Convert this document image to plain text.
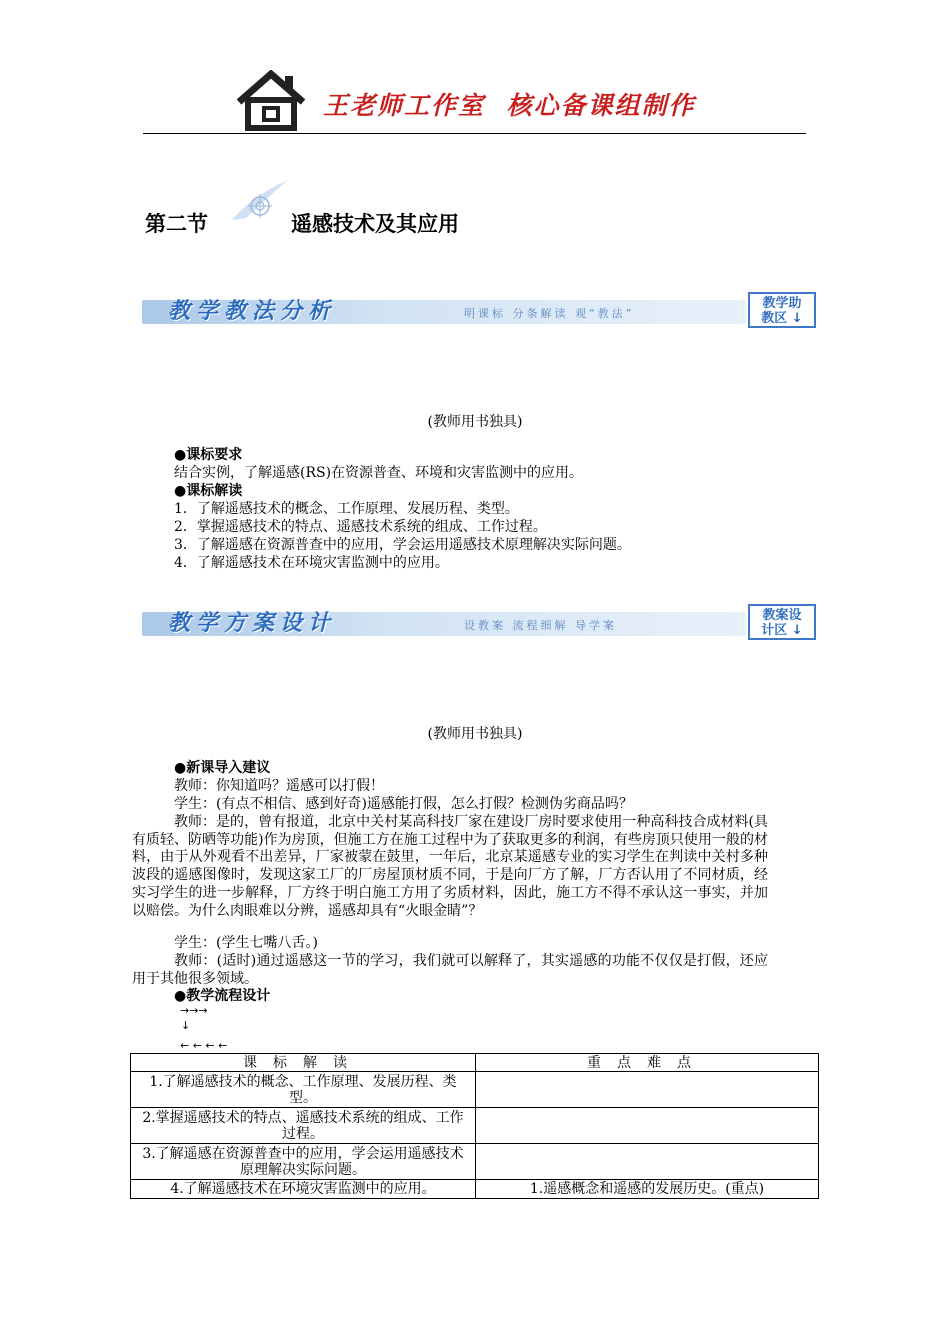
王老师工作室 核心备课组制作
第二节	遥感技术及其应用
教学教法分析	明课标 分条解读 观“教法”
教学助
教区 ↓
(教师用书独具)
●课标要求
结合实例，了解遥感(RS)在资源普查、环境和灾害监测中的应用。
●课标解读
1．了解遥感技术的概念、工作原理、发展历程、类型。
2．掌握遥感技术的特点、遥感技术系统的组成、工作过程。
3．了解遥感在资源普查中的应用，学会运用遥感技术原理解决实际问题。
4．了解遥感技术在环境灾害监测中的应用。
教学方案设计	设教案 流程细解 导学案
教案设
计区 ↓
(教师用书独具)
●新课导入建议
教师：你知道吗？遥感可以打假！
学生：(有点不相信、感到好奇)遥感能打假，怎么打假？检测伪劣商品吗？
教师：是的，曾有报道，北京中关村某高科技厂家在建设厂房时要求使用一种高科技合成材料(具有质轻、防晒等功能)作为房顶，但施工方在施工过程中为了获取更多的利润，有些房顶只使用一般的材料，由于从外观看不出差异，厂家被蒙在鼓里，一年后，北京某遥感专业的实习学生在判读中关村多种波段的遥感图像时，发现这家工厂的厂房屋顶材质不同，于是向厂方了解，厂方否认用了不同材质，经实习学生的进一步解释，厂方终于明白施工方用了劣质材料，因此，施工方不得不承认这一事实，并加以赔偿。为什么肉眼难以分辨，遥感却具有“火眼金睛”？
学生：(学生七嘴八舌。)
教师：(适时)通过遥感这一节的学习，我们就可以解释了，其实遥感的功能不仅仅是打假，还应用于其他很多领域。
●教学流程设计
→→→
↓
← ← ← ←
课标解读	重点难点
1.了解遥感技术的概念、工作原理、发展历程、类型。	
2.掌握遥感技术的特点、遥感技术系统的组成、工作过程。	
3.了解遥感在资源普查中的应用，学会运用遥感技术原理解决实际问题。	
4.了解遥感技术在环境灾害监测中的应用。	1.遥感概念和遥感的发展历史。(重点)
